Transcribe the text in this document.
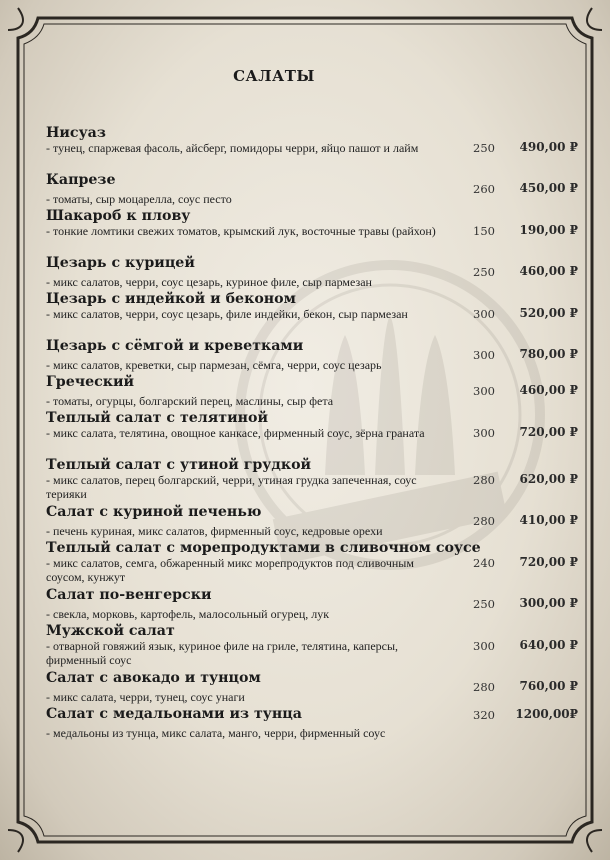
САЛАТЫ
Нисуаз
- тунец, спаржевая фасоль, айсберг, помидоры черри, яйцо пашот и лайм	250 490,00 ₽
Капрезе
- томаты, сыр моцарелла, соус песто
260 450,00 ₽
Шакароб к плову
- тонкие ломтики свежих томатов, крымский лук, восточные травы (райхон)	150 190,00 ₽
Цезарь с курицей
- микс салатов, черри, соус цезарь, куриное филе, сыр пармезан
250 460,00 ₽
Цезарь с индейкой и беконом
- микс салатов, черри, соус цезарь, филе индейки, бекон, сыр пармезан	300 520,00 ₽
Цезарь с сёмгой и креветками
- микс салатов, креветки, сыр пармезан, сёмга, черри, соус цезарь
300 780,00 ₽
Греческий
- томаты, огурцы, болгарский перец, маслины, сыр фета
300 460,00 ₽
Теплый салат с телятиной
- микс салата, телятина, овощное канкасе, фирменный соус, зёрна граната	300 720,00 ₽
Теплый салат с утиной грудкой
- микс салатов, перец болгарский, черри, утиная грудка запеченная, соус терияки
280 620,00 ₽
Салат с куриной печенью
- печень куриная, микс салатов, фирменный соус, кедровые орехи
280 410,00 ₽
Теплый салат с морепродуктами в сливочном соусе
- микс салатов, семга, обжаренный микс морепродуктов под сливочным соусом, кунжут
240 720,00 ₽
Салат по-венгерски
- свекла, морковь, картофель, малосольный огурец, лук
250 300,00 ₽
Мужской салат
- отварной говяжий язык, куриное филе на гриле, телятина, каперсы, фирменный соус
300 640,00 ₽
Салат с авокадо и тунцом
- микс салата, черри, тунец, соус унаги
280 760,00 ₽
Салат с медальонами из тунца
- медальоны из тунца, микс салата, манго, черри, фирменный соус
320 1200,00₽
